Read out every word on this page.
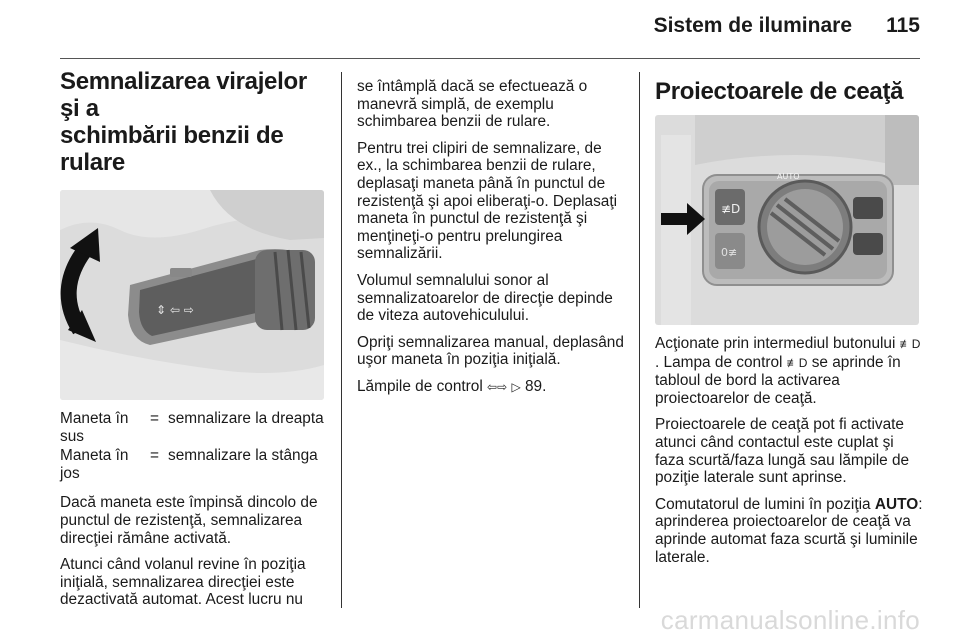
Sistem de iluminare 115
Semnalizarea virajelor şi a
schimbării benzii de rulare
⇕ ⇦ ⇨
Maneta în sus
= semnalizare la dreapta
Maneta în jos
= semnalizare la stânga

Dacă maneta este împinsă dincolo de punctul de rezistenţă, semnalizarea direcţiei rămâne activată.

Atunci când volanul revine în poziţia iniţială, semnalizarea direcţiei este dezactivată automat. Acest lucru nu

se întâmplă dacă se efectuează o manevră simplă, de exemplu schimbarea benzii de rulare.

Pentru trei clipiri de semnalizare, de ex., la schimbarea benzii de rulare, deplasaţi maneta până în punctul de rezistenţă şi apoi eliberaţi-o. Deplasaţi maneta în punctul de rezistenţă şi menţineţi-o pentru prelungirea semnalizării.

Volumul semnalului sonor al semnalizatoarelor de direcţie depinde de viteza autovehiculului.

Opriţi semnalizarea manual, deplasând uşor maneta în poziţia iniţială.

Lămpile de control ⇦⇨ ▷ 89.

Proiectoarele de ceaţă
≢D
0≢
AUTO

Acţionate prin intermediul butonului ≢D. Lampa de control ≢D se aprinde în tabloul de bord la activarea proiectoarelor de ceaţă.

Proiectoarele de ceaţă pot fi activate atunci când contactul este cuplat şi faza scurtă/faza lungă sau lămpile de poziţie laterale sunt aprinse.

Comutatorul de lumini în poziţia AUTO: aprinderea proiectoarelor de ceaţă va aprinde automat faza scurtă şi luminile laterale.

carmanualsonline.info
